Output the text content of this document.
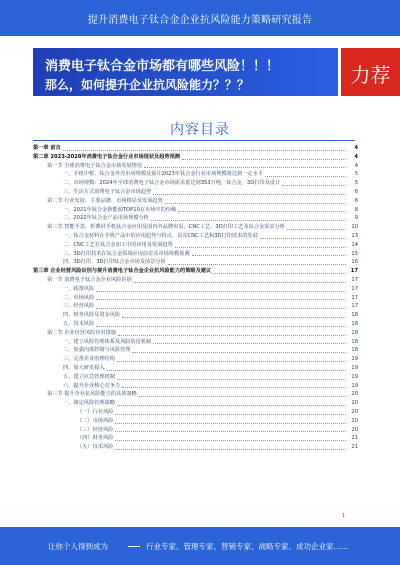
提升消费电子钛合金企业抗风险能力策略研究报告
消费电子钛合金市场都有哪些风险！！！
那么，如何提升企业抗风险能力？？？	力荐
内容目录
第一章 前言	4
第二章 2023-2028年消费电子钛合金行业市场现状及趋势预测	4
第一节 全球消费电子钛合金市场发展情况	4
一、手机中框、钛合金外壳市场规模及预计2023年钛合金行业市场规模将达到一定水平	5
二、市场规模：2024年全球消费电子钛合金市场需求量达到353万吨，钛合金，3D打印及设计	5
三、生活方式消费电子钛合金市场趋势	6
第二节 行业发展、主要品牌、市场格局及发展趋势	6
一、2021年钛合金新能源TOP10在市场中的份额	8
二、2022年钛合金产品市场规模分析	9
第三节 智能手表、折叠屏手机钛合金应用及国内外品牌布局，CNC工艺、3D打印工艺及钛合金需求分析	10
一、钛合金材料在手机产品中的应用趋势与特点，以及CNC工艺和3D打印技术的发展	13
二、CNC工艺在钛合金加工中的应用及发展趋势	14
三、3D打印技术在钛合金领域应用前景及市场规模预测	15
四、3D打印、3D打印钛合金市场及前景分析	16
第三章 企业经营风险识别与提升消费电子钛合金企业抗风险能力的策略及建议	17
第一节 消费电子钛合金企业风险识别	17
一、政策风险	17
二、市场风险	17
三、经营风险	17
四、财务风险及资金风险	18
五、技术风险	18
第二节 企业经营风险应对措施	18
一、建立风险管理体系及风险防范机制	18
二、加强内部控制与风险管理	18
三、完善企业治理结构	19
四、加大研发投入	19
五、建立应急管理机制	19
六、提升企业核心竞争力	19
第三节 提升企业抗风险能力的具体策略	20
一、制定风险管理战略	20
（一）行业风险	20
（二）市场风险	20
（三）经营风险	20
（四）财务风险	21
（五）技术风险	21
1
让你个人得到成为	行业专家、管理专家、营销专家、战略专家、成功企业家……
